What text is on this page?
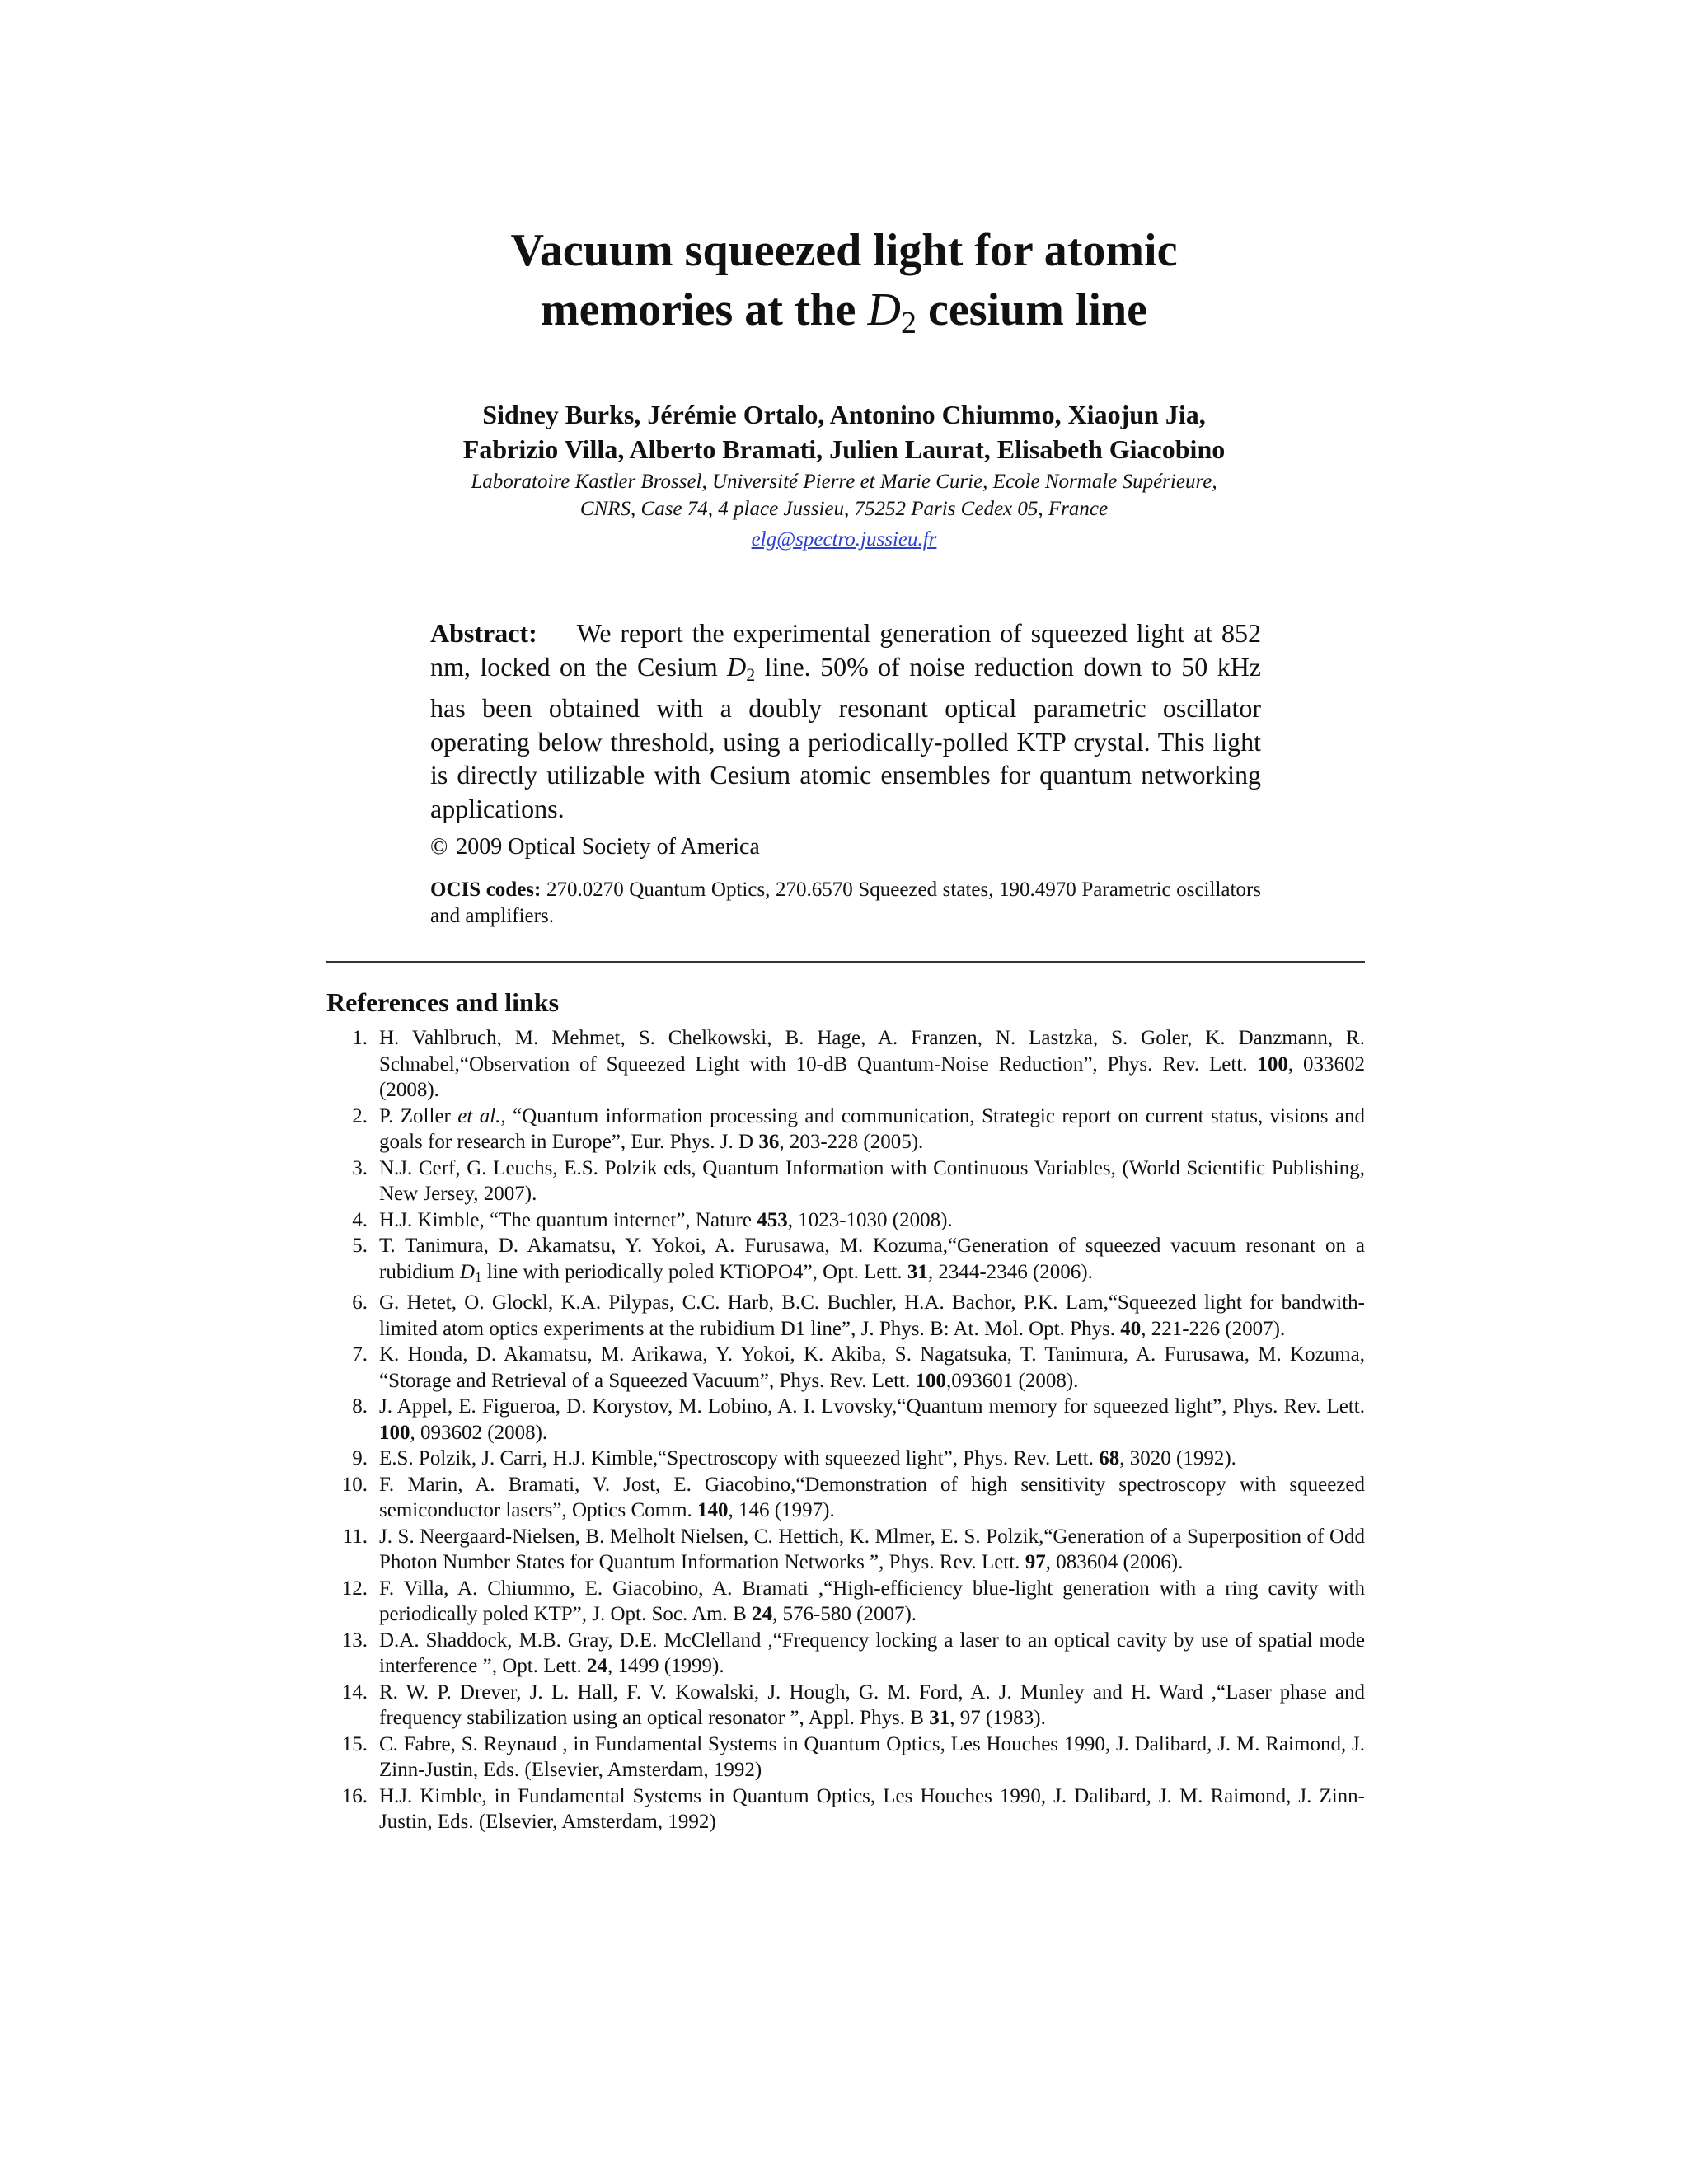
Vacuum squeezed light for atomic
memories at the $D_2$ cesium line
Sidney Burks, Jérémie Ortalo, Antonino Chiummo, Xiaojun Jia,
Fabrizio Villa, Alberto Bramati, Julien Laurat, Elisabeth Giacobino
Laboratoire Kastler Brossel, Université Pierre et Marie Curie, Ecole Normale Supérieure,
CNRS, Case 74, 4 place Jussieu, 75252 Paris Cedex 05, France
elg@spectro.jussieu.fr
Abstract: We report the experimental generation of squeezed light at 852 nm, locked on the Cesium $D_2$ line. 50% of noise reduction down to 50 kHz has been obtained with a doubly resonant optical parametric oscillator operating below threshold, using a periodically-polled KTP crystal. This light is directly utilizable with Cesium atomic ensembles for quantum networking applications.
© 2009 Optical Society of America
OCIS codes: 270.0270 Quantum Optics, 270.6570 Squeezed states, 190.4970 Parametric oscillators and amplifiers.
References and links
1. H. Vahlbruch, M. Mehmet, S. Chelkowski, B. Hage, A. Franzen, N. Lastzka, S. Goler, K. Danzmann, R. Schnabel,“Observation of Squeezed Light with 10-dB Quantum-Noise Reduction”, Phys. Rev. Lett. 100, 033602 (2008).
2. P. Zoller et al., “Quantum information processing and communication, Strategic report on current status, visions and goals for research in Europe”, Eur. Phys. J. D 36, 203-228 (2005).
3. N.J. Cerf, G. Leuchs, E.S. Polzik eds, Quantum Information with Continuous Variables, (World Scientific Publishing, New Jersey, 2007).
4. H.J. Kimble, “The quantum internet”, Nature 453, 1023-1030 (2008).
5. T. Tanimura, D. Akamatsu, Y. Yokoi, A. Furusawa, M. Kozuma,“Generation of squeezed vacuum resonant on a rubidium $D_1$ line with periodically poled KTiOPO4”, Opt. Lett. 31, 2344-2346 (2006).
6. G. Hetet, O. Glockl, K.A. Pilypas, C.C. Harb, B.C. Buchler, H.A. Bachor, P.K. Lam,“Squeezed light for bandwith-limited atom optics experiments at the rubidium D1 line”, J. Phys. B: At. Mol. Opt. Phys. 40, 221-226 (2007).
7. K. Honda, D. Akamatsu, M. Arikawa, Y. Yokoi, K. Akiba, S. Nagatsuka, T. Tanimura, A. Furusawa, M. Kozuma, “Storage and Retrieval of a Squeezed Vacuum”, Phys. Rev. Lett. 100,093601 (2008).
8. J. Appel, E. Figueroa, D. Korystov, M. Lobino, A. I. Lvovsky,“Quantum memory for squeezed light”, Phys. Rev. Lett. 100, 093602 (2008).
9. E.S. Polzik, J. Carri, H.J. Kimble,“Spectroscopy with squeezed light”, Phys. Rev. Lett. 68, 3020 (1992).
10. F. Marin, A. Bramati, V. Jost, E. Giacobino,“Demonstration of high sensitivity spectroscopy with squeezed semiconductor lasers”, Optics Comm. 140, 146 (1997).
11. J. S. Neergaard-Nielsen, B. Melholt Nielsen, C. Hettich, K. Mlmer, E. S. Polzik,“Generation of a Superposition of Odd Photon Number States for Quantum Information Networks ”, Phys. Rev. Lett. 97, 083604 (2006).
12. F. Villa, A. Chiummo, E. Giacobino, A. Bramati ,“High-efficiency blue-light generation with a ring cavity with periodically poled KTP”, J. Opt. Soc. Am. B 24, 576-580 (2007).
13. D.A. Shaddock, M.B. Gray, D.E. McClelland ,“Frequency locking a laser to an optical cavity by use of spatial mode interference ”, Opt. Lett. 24, 1499 (1999).
14. R. W. P. Drever, J. L. Hall, F. V. Kowalski, J. Hough, G. M. Ford, A. J. Munley and H. Ward ,“Laser phase and frequency stabilization using an optical resonator ”, Appl. Phys. B 31, 97 (1983).
15. C. Fabre, S. Reynaud , in Fundamental Systems in Quantum Optics, Les Houches 1990, J. Dalibard, J. M. Raimond, J. Zinn-Justin, Eds. (Elsevier, Amsterdam, 1992)
16. H.J. Kimble, in Fundamental Systems in Quantum Optics, Les Houches 1990, J. Dalibard, J. M. Raimond, J. Zinn-Justin, Eds. (Elsevier, Amsterdam, 1992)
